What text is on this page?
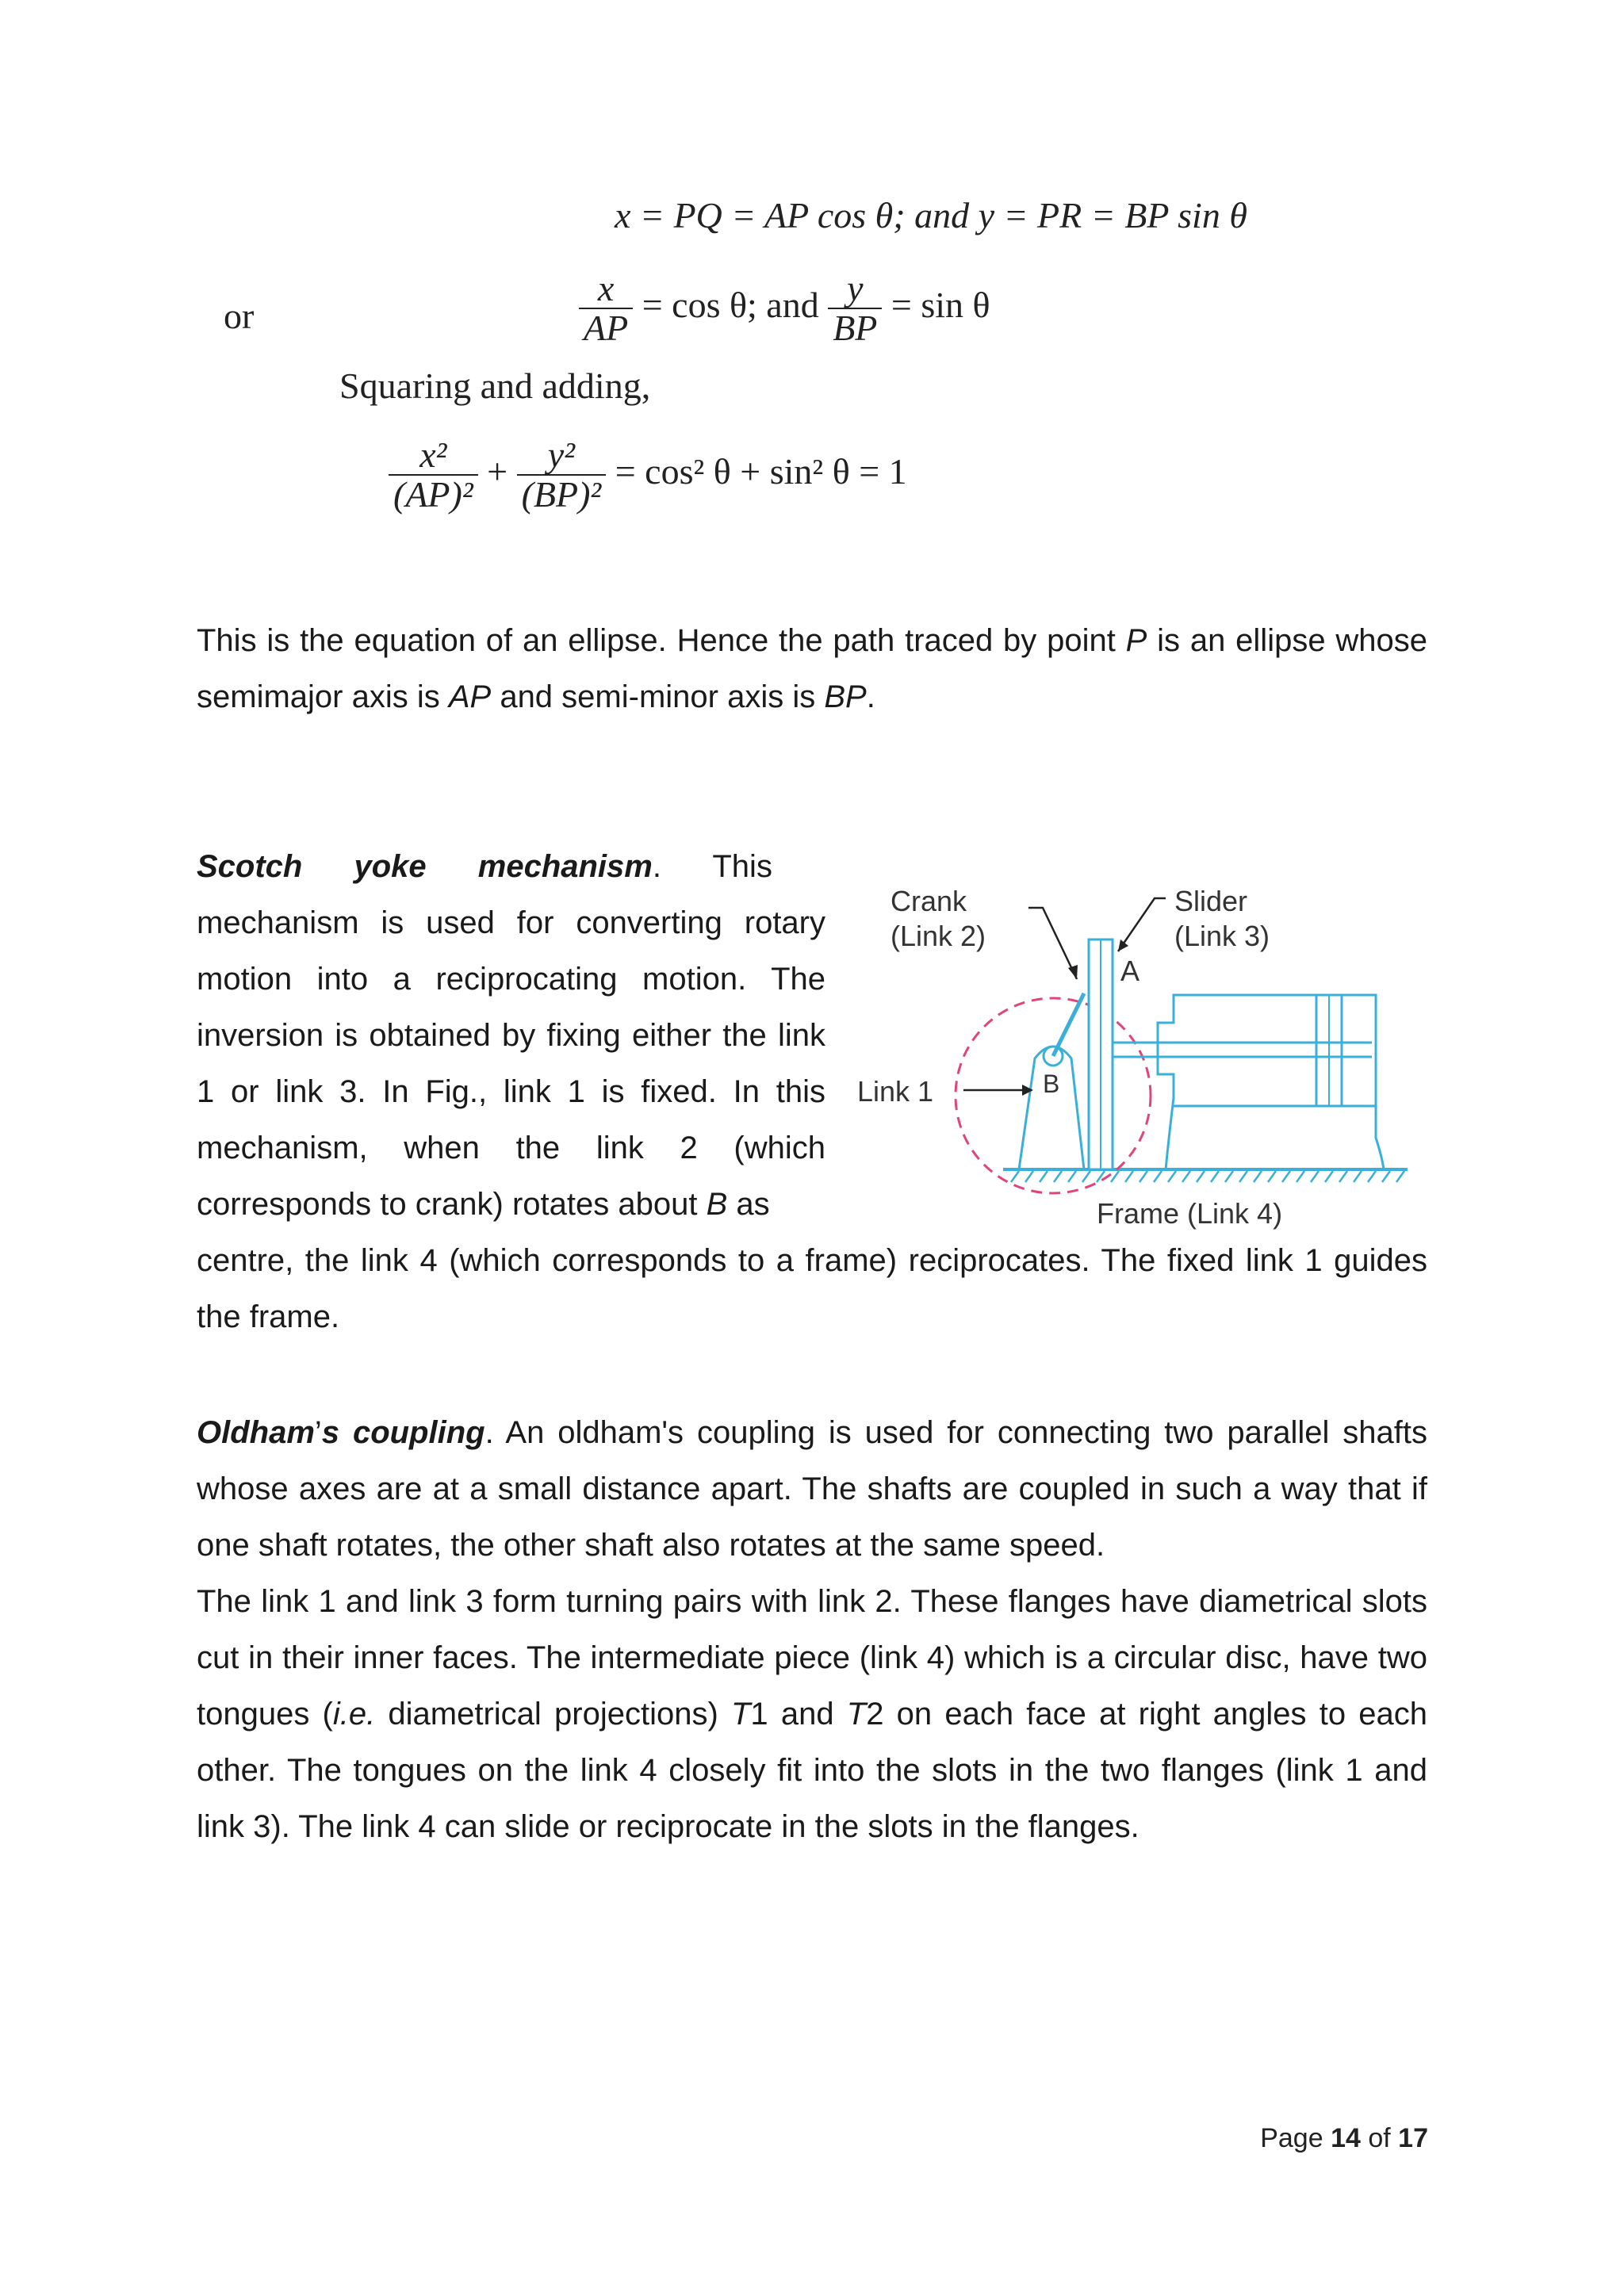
x = PQ = AP cos θ; and y = PR = BP sin θ
or	$\frac{x}{AP} = \cos \theta$; and $\frac{y}{BP} = \sin \theta$
Squaring and adding,
$\frac{\text{x²}}{\text{(AP)²}} + \frac{\text{y²}}{\text{(BP)²}} = \cos^2$ θ + sin² θ = 1

This is the equation of an ellipse. Hence the path traced by point P is an ellipse whose semimajor axis is AP and semi-minor axis is BP.

Scotch yoke mechanism. This

mechanism is used for converting rotary motion into a reciprocating motion. The inversion is obtained by fixing either the link 1 or link 3. In Fig., link 1 is fixed. In this mechanism, when the link 2 (which corresponds to crank) rotates about B as

centre, the link 4 (which corresponds to a frame) reciprocates. The fixed link 1 guides the frame.

Crank
(Link 2)
Slider
(Link 3)
A
B
Link 1
Frame (Link 4)

Oldham’s coupling. An oldham's coupling is used for connecting two parallel shafts whose axes are at a small distance apart. The shafts are coupled in such a way that if one shaft rotates, the other shaft also rotates at the same speed.

The link 1 and link 3 form turning pairs with link 2. These flanges have diametrical slots cut in their inner faces. The intermediate piece (link 4) which is a circular disc, have two tongues (i.e. diametrical projections) T1 and T2 on each face at right angles to each other. The tongues on the link 4 closely fit into the slots in the two flanges (link 1 and link 3). The link 4 can slide or reciprocate in the slots in the flanges.

Page 14 of 17
